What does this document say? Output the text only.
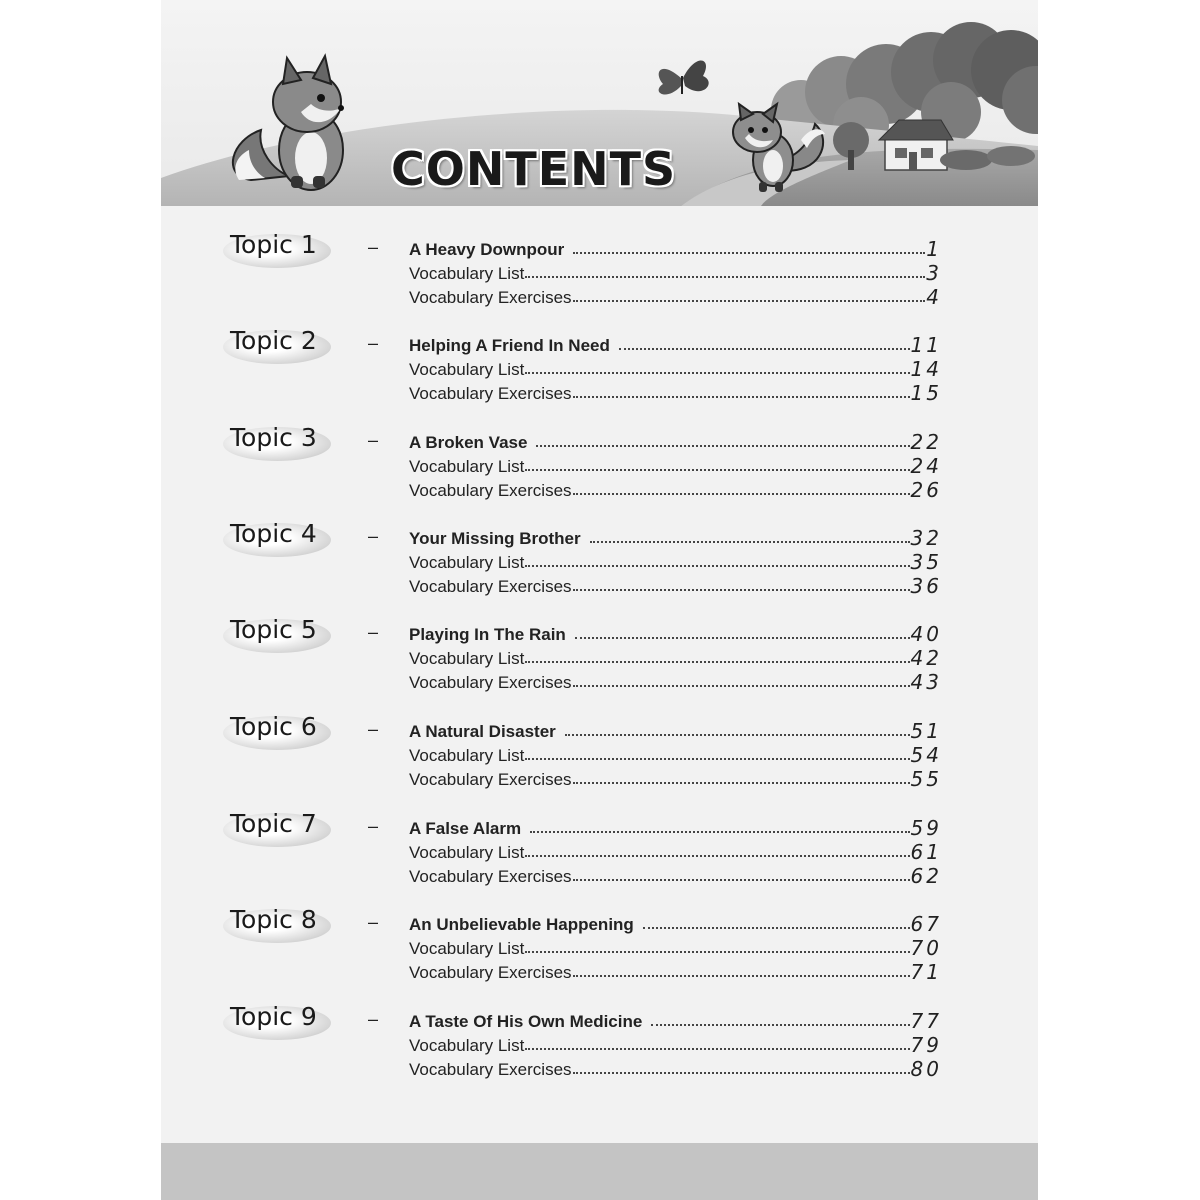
CONTENTS
Topic 1	– A Heavy Downpour	1
Vocabulary List	3
Vocabulary Exercises	4
Topic 2	– Helping A Friend In Need	11
Vocabulary List	14
Vocabulary Exercises	15
Topic 3	– A Broken Vase	22
Vocabulary List	24
Vocabulary Exercises	26
Topic 4	– Your Missing Brother	32
Vocabulary List	35
Vocabulary Exercises	36
Topic 5	– Playing In The Rain	40
Vocabulary List	42
Vocabulary Exercises	43
Topic 6	– A Natural Disaster	51
Vocabulary List	54
Vocabulary Exercises	55
Topic 7	– A False Alarm	59
Vocabulary List	61
Vocabulary Exercises	62
Topic 8	– An Unbelievable Happening	67
Vocabulary List	70
Vocabulary Exercises	71
Topic 9	– A Taste Of His Own Medicine	77
Vocabulary List	79
Vocabulary Exercises	80
